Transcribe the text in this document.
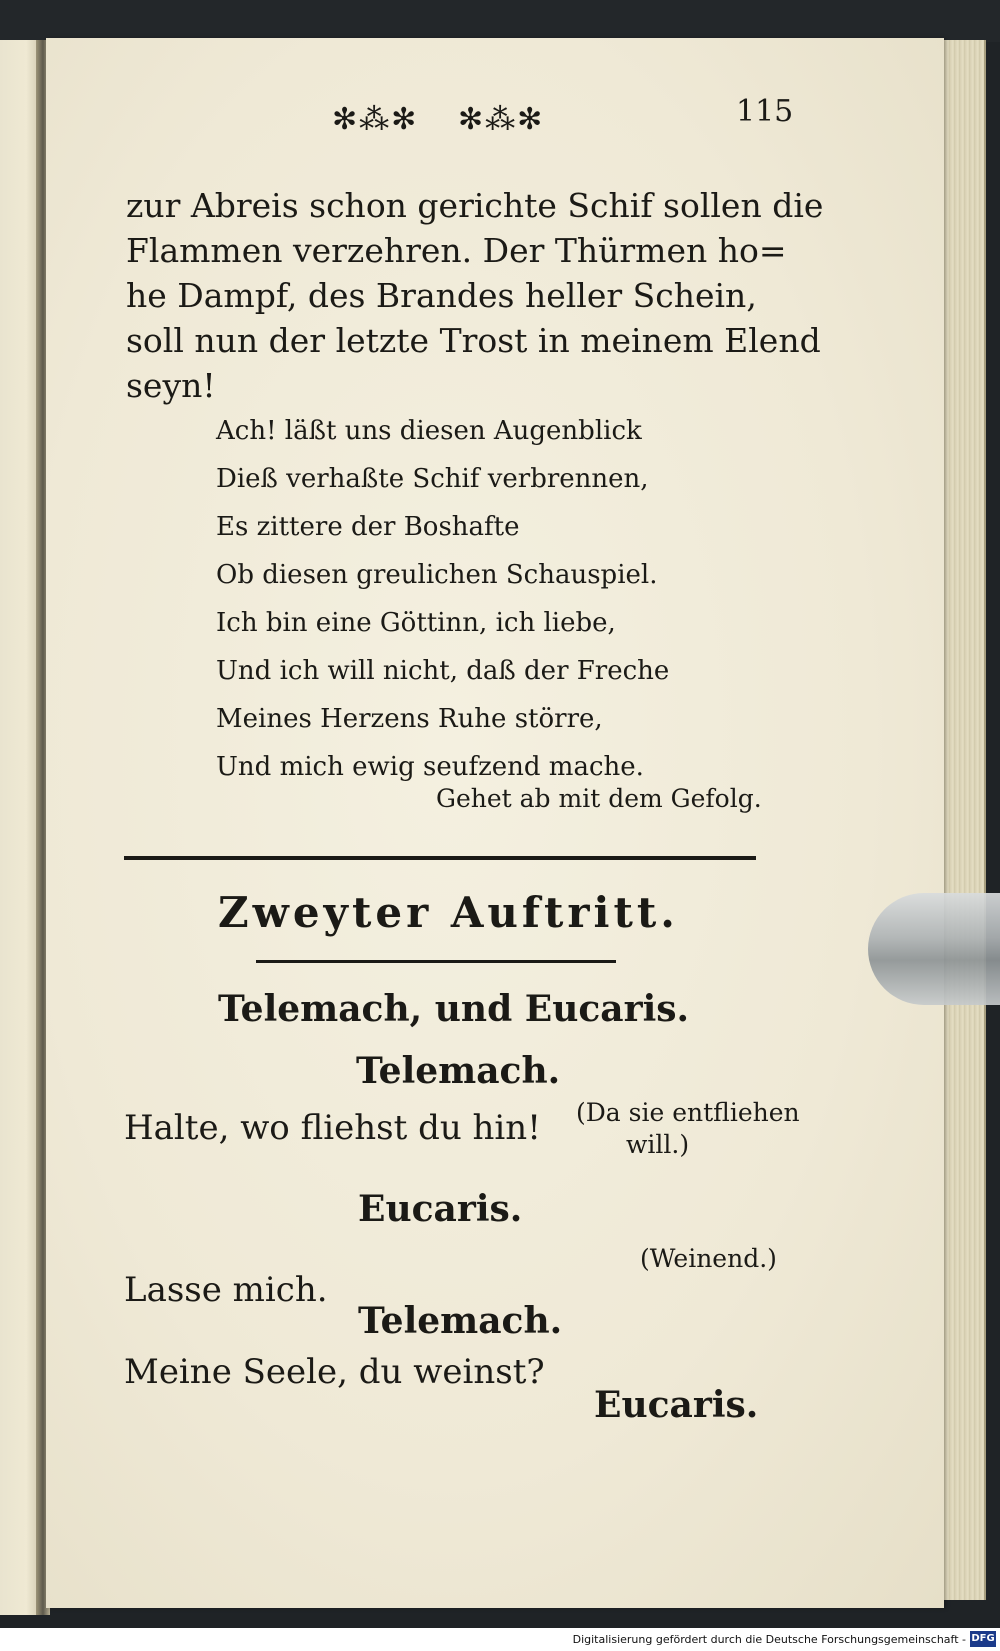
✻⁂✻ ✻⁂✻	115
zur Abreis schon gerichte Schif sollen die
Flammen verzehren. Der Thürmen ho=
he Dampf, des Brandes heller Schein,
soll nun der letzte Trost in meinem Elend
seyn!
Ach! läßt uns diesen Augenblick
Dieß verhaßte Schif verbrennen,
Es zittere der Boshafte
Ob diesen greulichen Schauspiel.
Ich bin eine Göttinn, ich liebe,
Und ich will nicht, daß der Freche
Meines Herzens Ruhe större,
Und mich ewig seufzend mache.
Gehet ab mit dem Gefolg.
Zweyter Auftritt.
Telemach, und Eucaris.
Telemach.
Halte, wo fliehst du hin! (Da sie entfliehen
will.)
Eucaris.
(Weinend.)
Lasse mich.
Telemach.
Meine Seele, du weinst?
Eucaris.
Digitalisierung gefördert durch die Deutsche Forschungsgemeinschaft - DFG
